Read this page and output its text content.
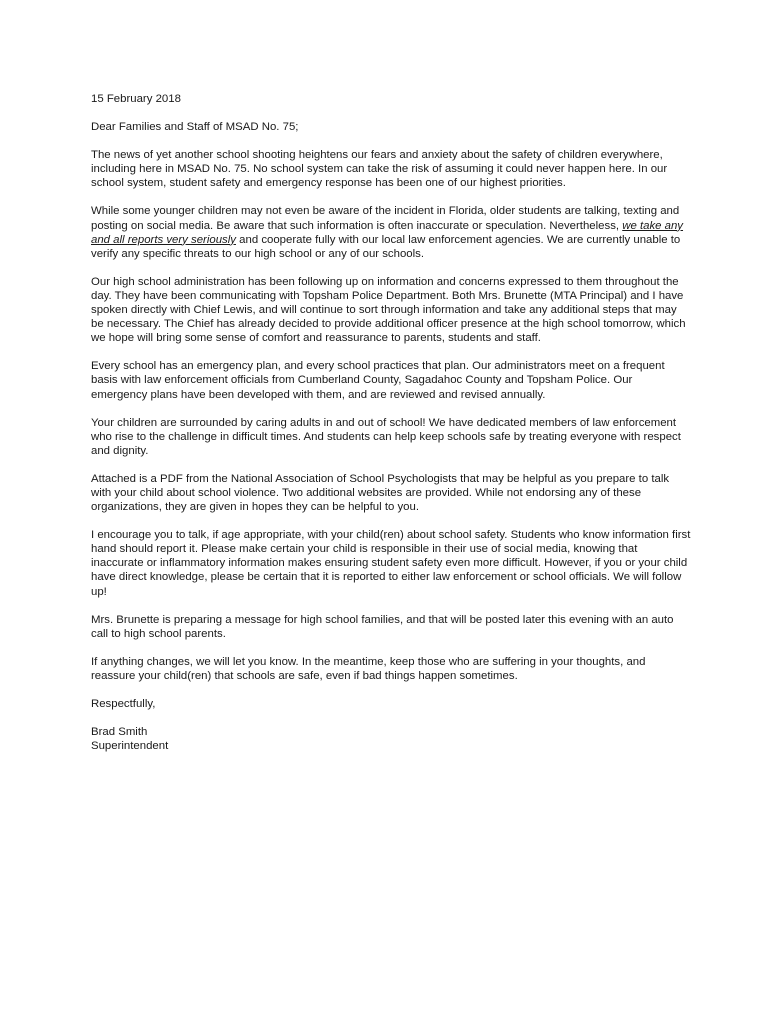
15 February 2018

Dear Families and Staff of MSAD No. 75;

The news of yet another school shooting heightens our fears and anxiety about the safety of children everywhere, including here in MSAD No. 75. No school system can take the risk of assuming it could never happen here. In our school system, student safety and emergency response has been one of our highest priorities.

While some younger children may not even be aware of the incident in Florida, older students are talking, texting and posting on social media. Be aware that such information is often inaccurate or speculation. Nevertheless, we take any and all reports very seriously and cooperate fully with our local law enforcement agencies. We are currently unable to verify any specific threats to our high school or any of our schools.

Our high school administration has been following up on information and concerns expressed to them throughout the day. They have been communicating with Topsham Police Department. Both Mrs. Brunette (MTA Principal) and I have spoken directly with Chief Lewis, and will continue to sort through information and take any additional steps that may be necessary. The Chief has already decided to provide additional officer presence at the high school tomorrow, which we hope will bring some sense of comfort and reassurance to parents, students and staff.

Every school has an emergency plan, and every school practices that plan. Our administrators meet on a frequent basis with law enforcement officials from Cumberland County, Sagadahoc County and Topsham Police. Our emergency plans have been developed with them, and are reviewed and revised annually.

Your children are surrounded by caring adults in and out of school! We have dedicated members of law enforcement who rise to the challenge in difficult times. And students can help keep schools safe by treating everyone with respect and dignity.

Attached is a PDF from the National Association of School Psychologists that may be helpful as you prepare to talk with your child about school violence. Two additional websites are provided. While not endorsing any of these organizations, they are given in hopes they can be helpful to you.

I encourage you to talk, if age appropriate, with your child(ren) about school safety. Students who know information first hand should report it. Please make certain your child is responsible in their use of social media, knowing that inaccurate or inflammatory information makes ensuring student safety even more difficult. However, if you or your child have direct knowledge, please be certain that it is reported to either law enforcement or school officials. We will follow up!

Mrs. Brunette is preparing a message for high school families, and that will be posted later this evening with an auto call to high school parents.

If anything changes, we will let you know. In the meantime, keep those who are suffering in your thoughts, and reassure your child(ren) that schools are safe, even if bad things happen sometimes.

Respectfully,

Brad Smith

Superintendent
